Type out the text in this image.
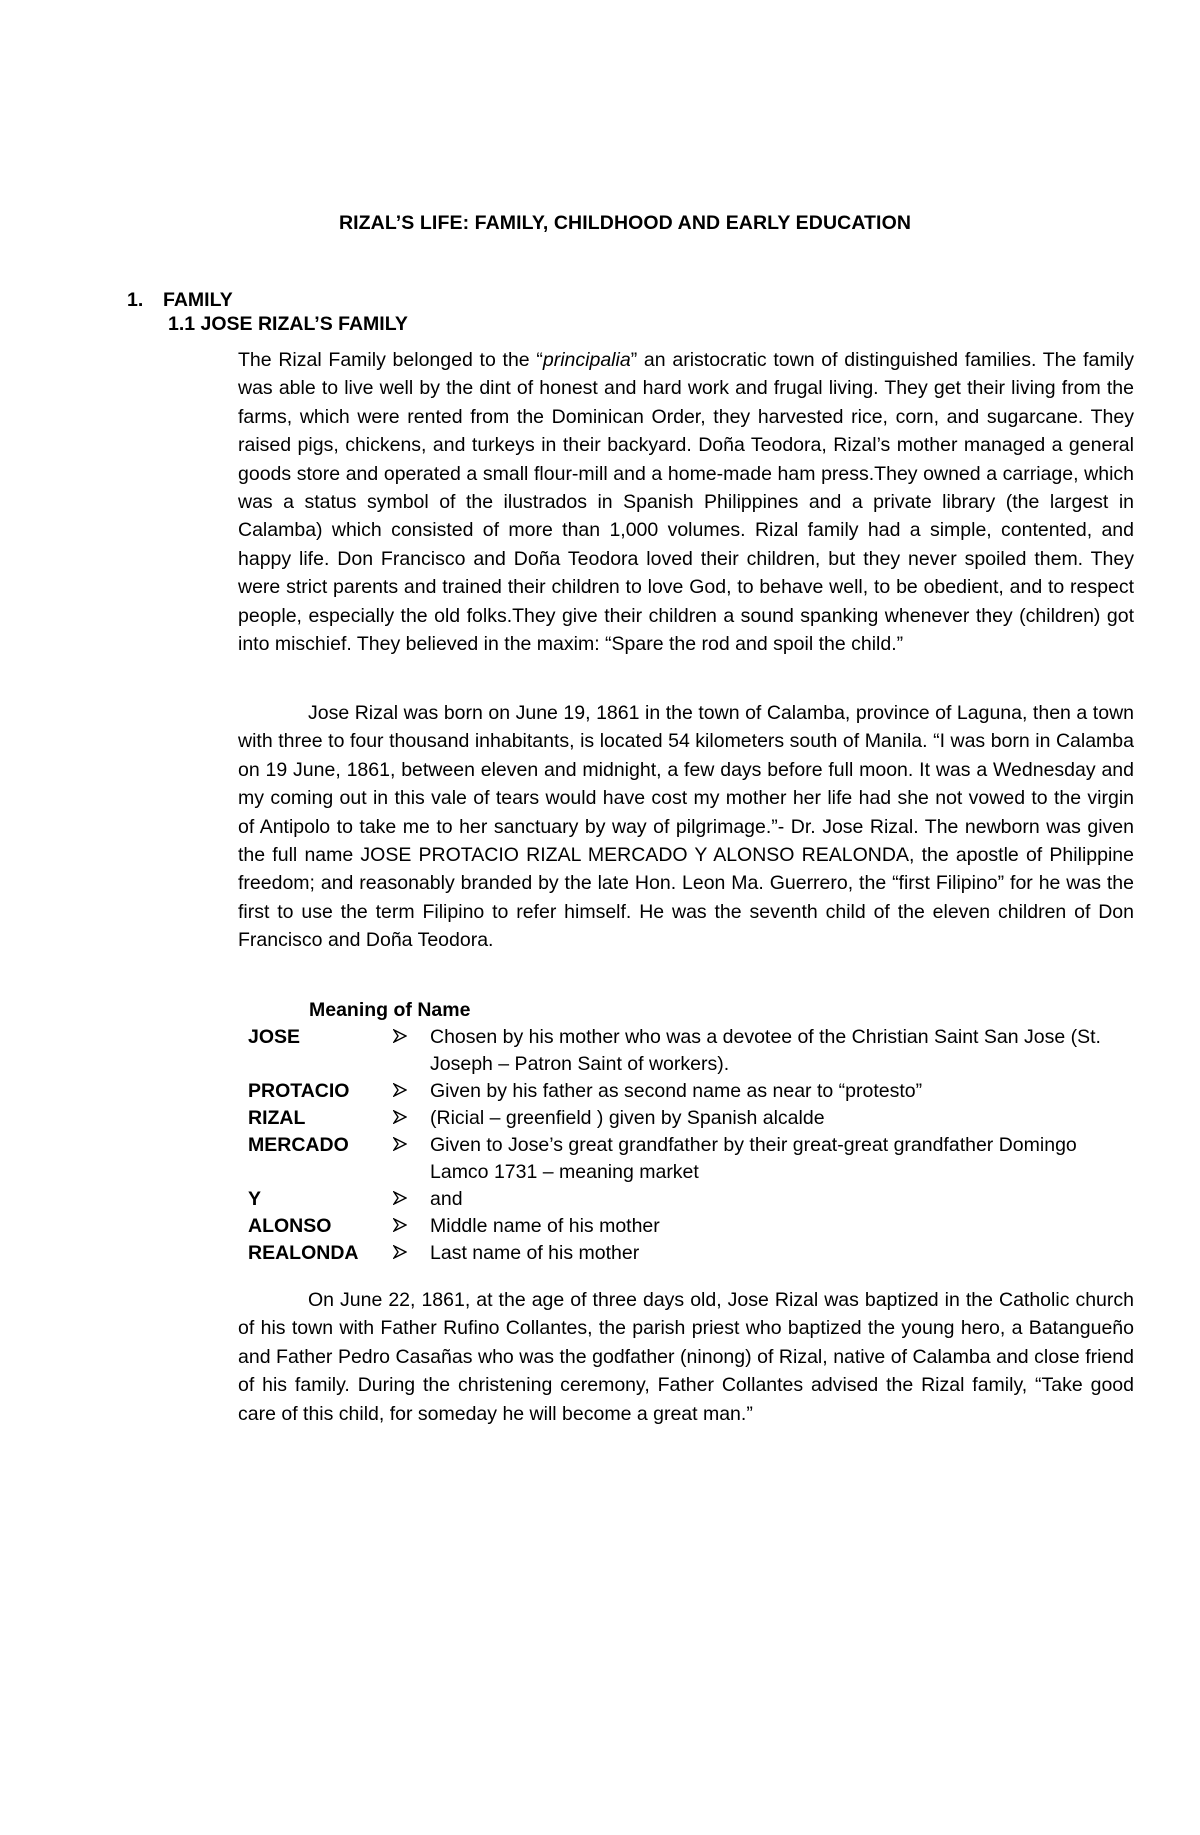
RIZAL’S LIFE: FAMILY, CHILDHOOD AND EARLY EDUCATION
1. FAMILY
1.1 JOSE RIZAL’S FAMILY

The Rizal Family belonged to the “principalia” an aristocratic town of distinguished families. The family was able to live well by the dint of honest and hard work and frugal living. They get their living from the farms, which were rented from the Dominican Order, they harvested rice, corn, and sugarcane. They raised pigs, chickens, and turkeys in their backyard. Doña Teodora, Rizal’s mother managed a general goods store and operated a small flour-mill and a home-made ham press.They owned a carriage, which was a status symbol of the ilustrados in Spanish Philippines and a private library (the largest in Calamba) which consisted of more than 1,000 volumes. Rizal family had a simple, contented, and happy life. Don Francisco and Doña Teodora loved their children, but they never spoiled them. They were strict parents and trained their children to love God, to behave well, to be obedient, and to respect people, especially the old folks.They give their children a sound spanking whenever they (children) got into mischief. They believed in the maxim: “Spare the rod and spoil the child.”

Jose Rizal was born on June 19, 1861 in the town of Calamba, province of Laguna, then a town with three to four thousand inhabitants, is located 54 kilometers south of Manila. “I was born in Calamba on 19 June, 1861, between eleven and midnight, a few days before full moon. It was a Wednesday and my coming out in this vale of tears would have cost my mother her life had she not vowed to the virgin of Antipolo to take me to her sanctuary by way of pilgrimage.”- Dr. Jose Rizal. The newborn was given the full name JOSE PROTACIO RIZAL MERCADO Y ALONSO REALONDA, the apostle of Philippine freedom; and reasonably branded by the late Hon. Leon Ma. Guerrero, the “first Filipino” for he was the first to use the term Filipino to refer himself. He was the seventh child of the eleven children of Don Francisco and Doña Teodora.

Meaning of Name
JOSE	Chosen by his mother who was a devotee of the Christian Saint San Jose (St. Joseph – Patron Saint of workers).
PROTACIO	Given by his father as second name as near to “protesto”
RIZAL	(Ricial – greenfield ) given by Spanish alcalde
MERCADO	Given to Jose’s great grandfather by their great-great grandfather Domingo Lamco 1731 – meaning market
Y	and
ALONSO	Middle name of his mother
REALONDA	Last name of his mother

On June 22, 1861, at the age of three days old, Jose Rizal was baptized in the Catholic church of his town with Father Rufino Collantes, the parish priest who baptized the young hero, a Batangueño and Father Pedro Casañas who was the godfather (ninong) of Rizal, native of Calamba and close friend of his family. During the christening ceremony, Father Collantes advised the Rizal family, “Take good care of this child, for someday he will become a great man.”
